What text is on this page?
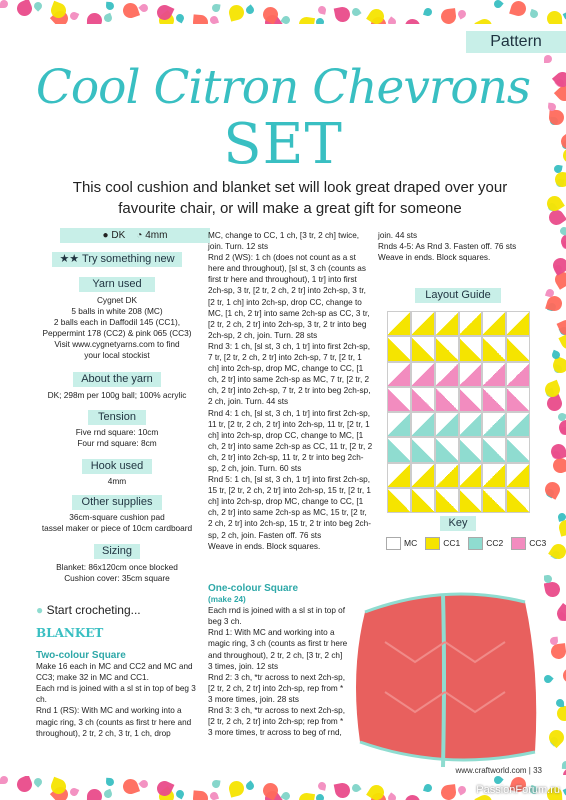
Pattern
Cool Citron Chevrons
SET
This cool cushion and blanket set will look great draped over your favourite chair, or will make a great gift for someone
● DK ◔ 4mm
★★ Try something new
Yarn used
Cygnet DK
5 balls in white 208 (MC)
2 balls each in Daffodil 145 (CC1),
Peppermint 178 (CC2) & pink 065 (CC3)
Visit www.cygnetyarns.com to find
your local stockist
About the yarn
DK; 298m per 100g ball; 100% acrylic
Tension
Five rnd square: 10cm
Four rnd square: 8cm
Hook used
4mm
Other supplies
36cm-square cushion pad
tassel maker or piece of 10cm cardboard
Sizing
Blanket: 86x120cm once blocked
Cushion cover: 35cm square
● Start crocheting...
BLANKET
Two-colour Square
Make 16 each in MC and CC2 and MC and CC3; make 32 in MC and CC1.
Each rnd is joined with a sl st in top of beg 3 ch.
Rnd 1 (RS): With MC and working into a magic ring, 3 ch (counts as first tr here and throughout), 2 tr, 2 ch, 3 tr, 1 ch, drop
MC, change to CC, 1 ch, [3 tr, 2 ch] twice, join. Turn. 12 sts
Rnd 2 (WS): 1 ch (does not count as a st here and throughout), [sl st, 3 ch (counts as first tr here and throughout), 1 tr] into first 2ch-sp, 3 tr, [2 tr, 2 ch, 2 tr] into 2ch-sp, 3 tr, [2 tr, 1 ch] into 2ch-sp, drop CC, change to MC, [1 ch, 2 tr] into same 2ch-sp as CC, 3 tr, [2 tr, 2 ch, 2 tr] into 2ch-sp, 3 tr, 2 tr into beg 2ch-sp, 2 ch, join. Turn. 28 sts
Rnd 3: 1 ch, [sl st, 3 ch, 1 tr] into first 2ch-sp, 7 tr, [2 tr, 2 ch, 2 tr] into 2ch-sp, 7 tr, [2 tr, 1 ch] into 2ch-sp, drop MC, change to CC, [1 ch, 2 tr] into same 2ch-sp as MC, 7 tr, [2 tr, 2 ch, 2 tr] into 2ch-sp, 7 tr, 2 tr into beg 2ch-sp, 2 ch, join. Turn. 44 sts
Rnd 4: 1 ch, [sl st, 3 ch, 1 tr] into first 2ch-sp, 11 tr, [2 tr, 2 ch, 2 tr] into 2ch-sp, 11 tr, [2 tr, 1 ch] into 2ch-sp, drop CC, change to MC, [1 ch, 2 tr] into same 2ch-sp as CC, 11 tr, [2 tr, 2 ch, 2 tr] into 2ch-sp, 11 tr, 2 tr into beg 2ch-sp, 2 ch, join. Turn. 60 sts
Rnd 5: 1 ch, [sl st, 3 ch, 1 tr] into first 2ch-sp, 15 tr, [2 tr, 2 ch, 2 tr] into 2ch-sp, 15 tr, [2 tr, 1 ch] into 2ch-sp, drop MC, change to CC, [1 ch, 2 tr] into same 2ch-sp as MC, 15 tr, [2 tr, 2 ch, 2 tr] into 2ch-sp, 15 tr, 2 tr into beg 2ch-sp, 2 ch, join. Fasten off. 76 sts
Weave in ends. Block squares.
One-colour Square
(make 24)
Each rnd is joined with a sl st in top of beg 3 ch.
Rnd 1: With MC and working into a magic ring, 3 ch (counts as first tr here and throughout), 2 tr, 2 ch, [3 tr, 2 ch] 3 times, join. 12 sts
Rnd 2: 3 ch, *tr across to next 2ch-sp, [2 tr, 2 ch, 2 tr] into 2ch-sp, rep from * 3 more times, join. 28 sts
Rnd 3: 3 ch, *tr across to next 2ch-sp, [2 tr, 2 ch, 2 tr] into 2ch-sp; rep from * 3 more times, tr across to beg of rnd,
join. 44 sts
Rnds 4-5: As Rnd 3. Fasten off. 76 sts
Weave in ends. Block squares.
Layout Guide
Key
MC	CC1	CC2	CC3
www.craftworld.com | 33
PassionForum.ru
